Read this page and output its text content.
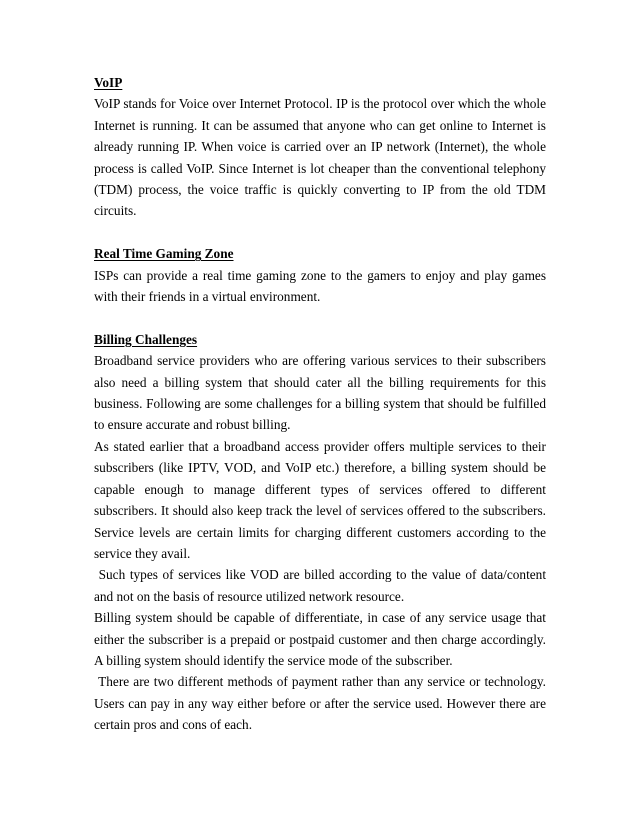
VoIP

VoIP stands for Voice over Internet Protocol. IP is the protocol over which the whole Internet is running. It can be assumed that anyone who can get online to Internet is already running IP. When voice is carried over an IP network (Internet), the whole process is called VoIP. Since Internet is lot cheaper than the conventional telephony (TDM) process, the voice traffic is quickly converting to IP from the old TDM circuits.

Real Time Gaming Zone

ISPs can provide a real time gaming zone to the gamers to enjoy and play games with their friends in a virtual environment.

Billing Challenges

Broadband service providers who are offering various services to their subscribers also need a billing system that should cater all the billing requirements for this business. Following are some challenges for a billing system that should be fulfilled to ensure accurate and robust billing.

As stated earlier that a broadband access provider offers multiple services to their subscribers (like IPTV, VOD, and VoIP etc.) therefore, a billing system should be capable enough to manage different types of services offered to different subscribers. It should also keep track the level of services offered to the subscribers. Service levels are certain limits for charging different customers according to the service they avail.

Such types of services like VOD are billed according to the value of data/content and not on the basis of resource utilized network resource.

Billing system should be capable of differentiate, in case of any service usage that either the subscriber is a prepaid or postpaid customer and then charge accordingly. A billing system should identify the service mode of the subscriber.

There are two different methods of payment rather than any service or technology. Users can pay in any way either before or after the service used. However there are certain pros and cons of each.
